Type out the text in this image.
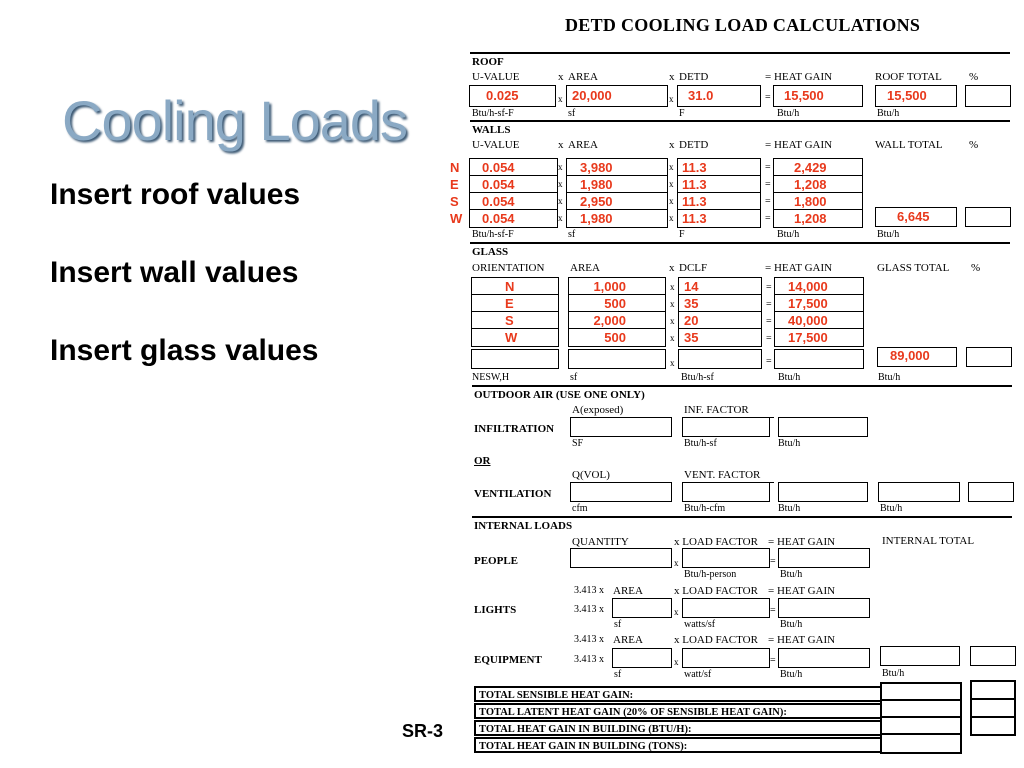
Cooling Loads
Insert roof values
Insert wall values
Insert glass values
SR-3
DETD COOLING LOAD CALCULATIONS
ROOF
U-VALUE	x AREA	x DETD	= HEAT GAIN	ROOF TOTAL %
0.025	x 20,000	x 31.0	= 15,500	15,500
Btu/h-sf-F	sf	F	Btu/h	Btu/h
WALLS
U-VALUE	x AREA	x DETD	= HEAT GAIN	WALL TOTAL %
N 0.054	x 3,980	x 11.3	= 2,429
E 0.054	x 1,980	x 11.3	= 1,208
S 0.054	x 2,950	x 11.3	= 1,800
W 0.054	x 1,980	x 11.3	= 1,208	6,645
Btu/h-sf-F	sf	F	Btu/h	Btu/h
GLASS
ORIENTATION AREA	x DCLF	= HEAT GAIN	GLASS TOTAL %
N	1,000	x 14	= 14,000
E	500	x 35	= 17,500
S	2,000	x 20	= 40,000
W	500	x 35	= 17,500
x	=	89,000
NESW,H	sf	Btu/h-sf	Btu/h	Btu/h
OUTDOOR AIR (USE ONE ONLY)
A(exposed)	INF. FACTOR
INFILTRATION
SF	Btu/h-sf	Btu/h
OR
Q(VOL)	VENT. FACTOR
VENTILATION
cfm	Btu/h-cfm	Btu/h	Btu/h
INTERNAL LOADS
QUANTITY	x LOAD FACTOR = HEAT GAIN	INTERNAL TOTAL
PEOPLE	x	=
Btu/h-person	Btu/h
3.413 x AREA	x LOAD FACTOR = HEAT GAIN
LIGHTS	3.413 x	x	=
sf	watts/sf	Btu/h
3.413 x AREA	x LOAD FACTOR = HEAT GAIN
EQUIPMENT	3.413 x	x	=
sf	watt/sf	Btu/h	Btu/h
TOTAL SENSIBLE HEAT GAIN:
TOTAL LATENT HEAT GAIN (20% OF SENSIBLE HEAT GAIN):
TOTAL HEAT GAIN IN BUILDING (BTU/H):
TOTAL HEAT GAIN IN BUILDING (TONS):
